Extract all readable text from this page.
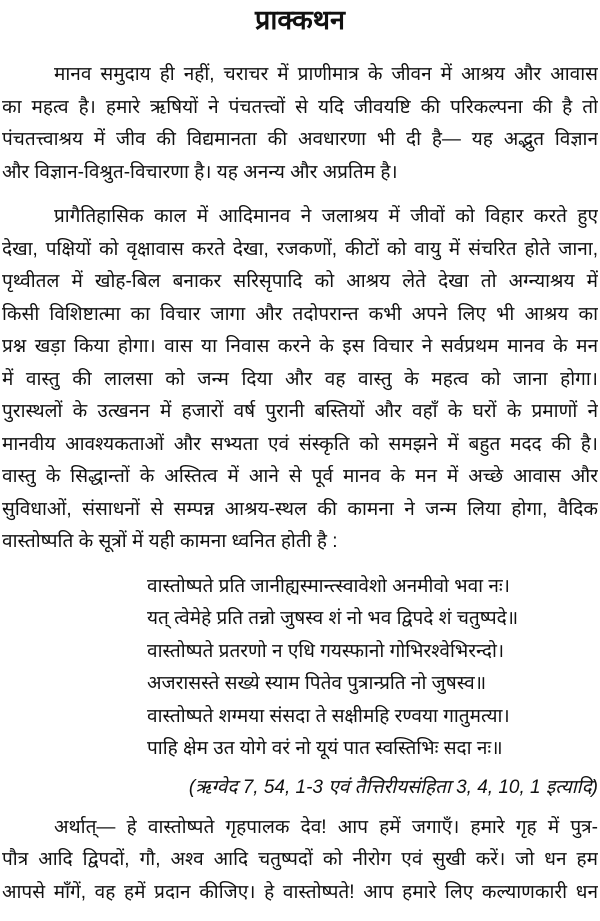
प्राक्कथन
मानव समुदाय ही नहीं, चराचर में प्राणीमात्र के जीवन में आश्रय और आवास
का महत्व है। हमारे ऋषियों ने पंचतत्त्वों से यदि जीवयष्टि की परिकल्पना की है तो
पंचतत्त्वाश्रय में जीव की विद्यमानता की अवधारणा भी दी है— यह अद्भुत विज्ञान
और विज्ञान-विश्रुत-विचारणा है। यह अनन्य और अप्रतिम है।
प्रागैतिहासिक काल में आदिमानव ने जलाश्रय में जीवों को विहार करते हुए
देखा, पक्षियों को वृक्षावास करते देखा, रजकणों, कीटों को वायु में संचरित होते जाना,
पृथ्वीतल में खोह-बिल बनाकर सरिसृपादि को आश्रय लेते देखा तो अग्न्याश्रय में
किसी विशिष्टात्मा का विचार जागा और तदोपरान्त कभी अपने लिए भी आश्रय का
प्रश्न खड़ा किया होगा। वास या निवास करने के इस विचार ने सर्वप्रथम मानव के मन
में वास्तु की लालसा को जन्म दिया और वह वास्तु के महत्व को जाना होगा।
पुरास्थलों के उत्खनन में हजारों वर्ष पुरानी बस्तियों और वहाँ के घरों के प्रमाणों ने
मानवीय आवश्यकताओं और सभ्यता एवं संस्कृति को समझने में बहुत मदद की है।
वास्तु के सिद्धान्तों के अस्तित्व में आने से पूर्व मानव के मन में अच्छे आवास और
सुविधाओं, संसाधनों से सम्पन्न आश्रय-स्थल की कामना ने जन्म लिया होगा, वैदिक
वास्तोष्पति के सूत्रों में यही कामना ध्वनित होती है :
वास्तोष्पते प्रति जानीह्यस्मान्त्स्वावेशो अनमीवो भवा नः।
यत् त्वेमेहे प्रति तन्नो जुषस्व शं नो भव द्विपदे शं चतुष्पदे॥
वास्तोष्पते प्रतरणो न एधि गयस्फानो गोभिरश्वेभिरन्दो।
अजरासस्ते सख्ये स्याम पितेव पुत्रान्प्रति नो जुषस्व॥
वास्तोष्पते शग्मया संसदा ते सक्षीमहि रण्वया गातुमत्या।
पाहि क्षेम उत योगे वरं नो यूयं पात स्वस्तिभिः सदा नः॥
(ऋग्वेद 7, 54, 1-3 एवं तैत्तिरीयसंहिता 3, 4, 10, 1 इत्यादि)
अर्थात्— हे वास्तोष्पते गृहपालक देव! आप हमें जगाएँ। हमारे गृह में पुत्र-
पौत्र आदि द्विपदों, गौ, अश्व आदि चतुष्पदों को नीरोग एवं सुखी करें। जो धन हम
आपसे माँगें, वह हमें प्रदान कीजिए। हे वास्तोष्पते! आप हमारे लिए कल्याणकारी धन
